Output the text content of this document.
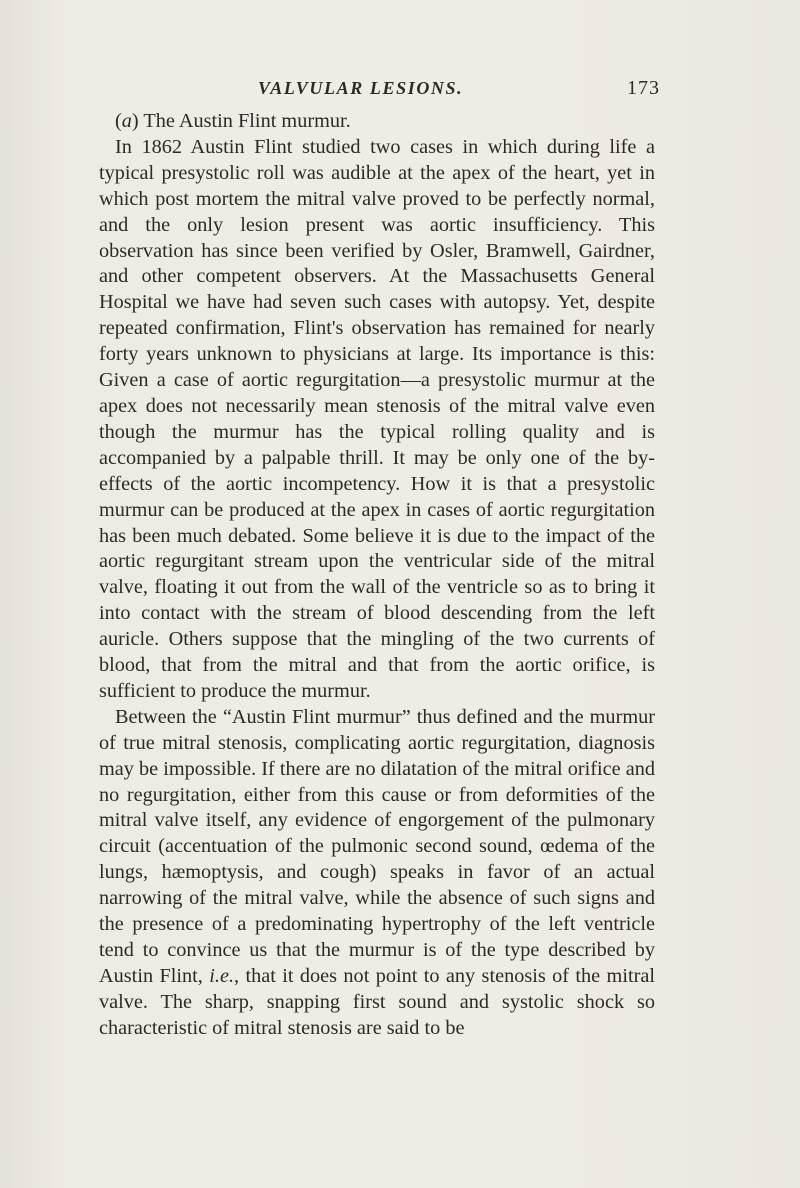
VALVULAR LESIONS.	173

(a) The Austin Flint murmur.

In 1862 Austin Flint studied two cases in which during life a typical presystolic roll was audible at the apex of the heart, yet in which post mortem the mitral valve proved to be perfectly normal, and the only lesion present was aortic insufficiency. This observation has since been verified by Osler, Bramwell, Gairdner, and other competent observers. At the Massachusetts General Hospital we have had seven such cases with autopsy. Yet, despite repeated confirmation, Flint's observation has remained for nearly forty years unknown to physicians at large. Its importance is this: Given a case of aortic regurgitation—a presystolic murmur at the apex does not necessarily mean stenosis of the mitral valve even though the murmur has the typical rolling quality and is accompanied by a palpable thrill. It may be only one of the by-effects of the aortic incompetency. How it is that a presystolic murmur can be produced at the apex in cases of aortic regurgitation has been much debated. Some believe it is due to the impact of the aortic regurgitant stream upon the ventricular side of the mitral valve, floating it out from the wall of the ventricle so as to bring it into contact with the stream of blood descending from the left auricle. Others suppose that the mingling of the two currents of blood, that from the mitral and that from the aortic orifice, is sufficient to produce the murmur.

Between the “Austin Flint murmur” thus defined and the murmur of true mitral stenosis, complicating aortic regurgitation, diagnosis may be impossible. If there are no dilatation of the mitral orifice and no regurgitation, either from this cause or from deformities of the mitral valve itself, any evidence of engorgement of the pulmonary circuit (accentuation of the pulmonic second sound, œdema of the lungs, hæmoptysis, and cough) speaks in favor of an actual narrowing of the mitral valve, while the absence of such signs and the presence of a predominating hypertrophy of the left ventricle tend to convince us that the murmur is of the type described by Austin Flint, i.e., that it does not point to any stenosis of the mitral valve. The sharp, snapping first sound and systolic shock so characteristic of mitral stenosis are said to be
